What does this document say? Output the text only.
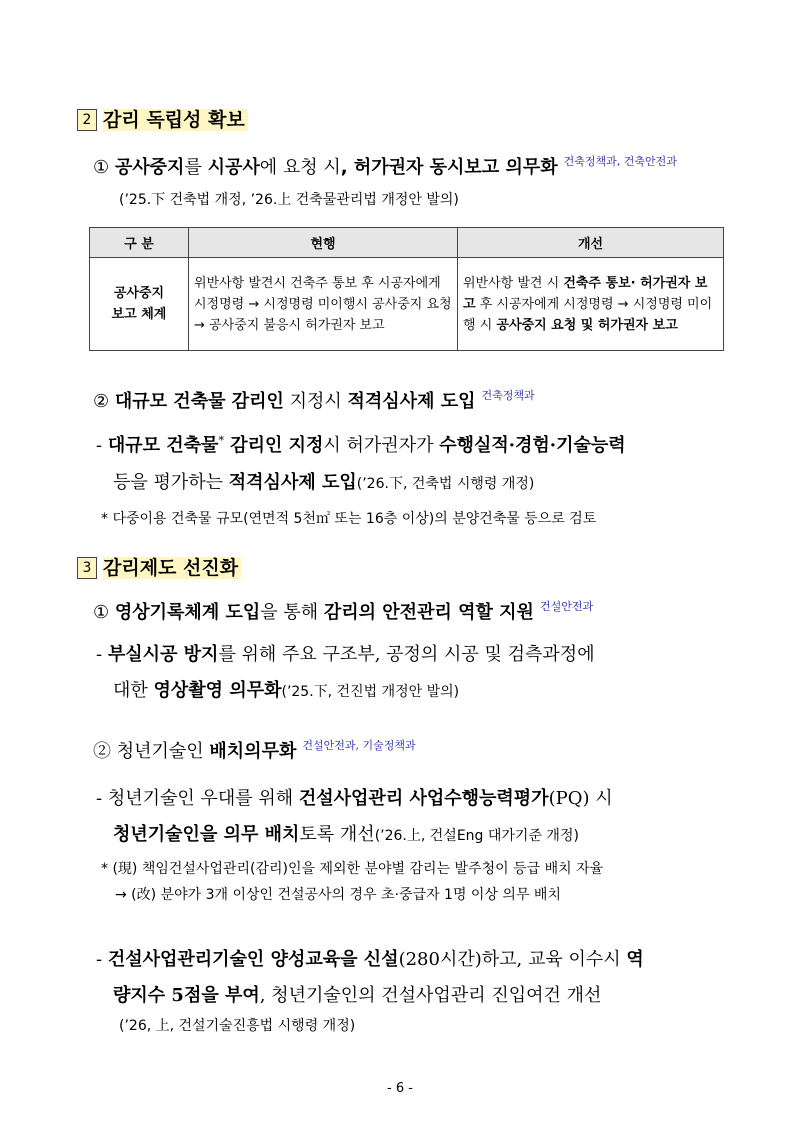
2 감리 독립성 확보
① 공사중지를 시공사에 요청 시, 허가권자 동시보고 의무화 $^{건축정책과, 건축안전과}$
(’25.下 건축법 개정, ’26.上 건축물관리법 개정안 발의)
구 분	현행	개선
공사중지
보고 체계	위반사항 발견시 건축주 통보 후 시공자에게 시정명령 → 시정명령 미이행시 공사중지 요청 → 공사중지 불응시 허가권자 보고	위반사항 발견 시 건축주 통보· 허가권자 보고 후 시공자에게 시정명령 → 시정명령 미이행 시 공사중지 요청 및 허가권자 보고
② 대규모 건축물 감리인 지정시 적격심사제 도입 $^{건축정책과}$
- 대규모 건축물* 감리인 지정시 허가권자가 수행실적·경험·기술능력
등을 평가하는 적격심사제 도입(’26.下, 건축법 시행령 개정)
* 다중이용 건축물 규모(연면적 5천㎡ 또는 16층 이상)의 분양건축물 등으로 검토
3 감리제도 선진화
① 영상기록체계 도입을 통해 감리의 안전관리 역할 지원 $^{건설안전과}$
- 부실시공 방지를 위해 주요 구조부, 공정의 시공 및 검측과정에
대한 영상촬영 의무화(’25.下, 건진법 개정안 발의)
② 청년기술인 배치의무화 $^{건설안전과, 기술정책과}$
- 청년기술인 우대를 위해 건설사업관리 사업수행능력평가(PQ) 시
청년기술인을 의무 배치토록 개선(’26.上, 건설Eng 대가기준 개정)
* (現) 책임건설사업관리(감리)인을 제외한 분야별 감리는 발주청이 등급 배치 자율
→ (改) 분야가 3개 이상인 건설공사의 경우 초·중급자 1명 이상 의무 배치
- 건설사업관리기술인 양성교육을 신설(280시간)하고, 교육 이수시 역
량지수 5점을 부여, 청년기술인의 건설사업관리 진입여건 개선
(’26, 上, 건설기술진흥법 시행령 개정)
- 6 -
